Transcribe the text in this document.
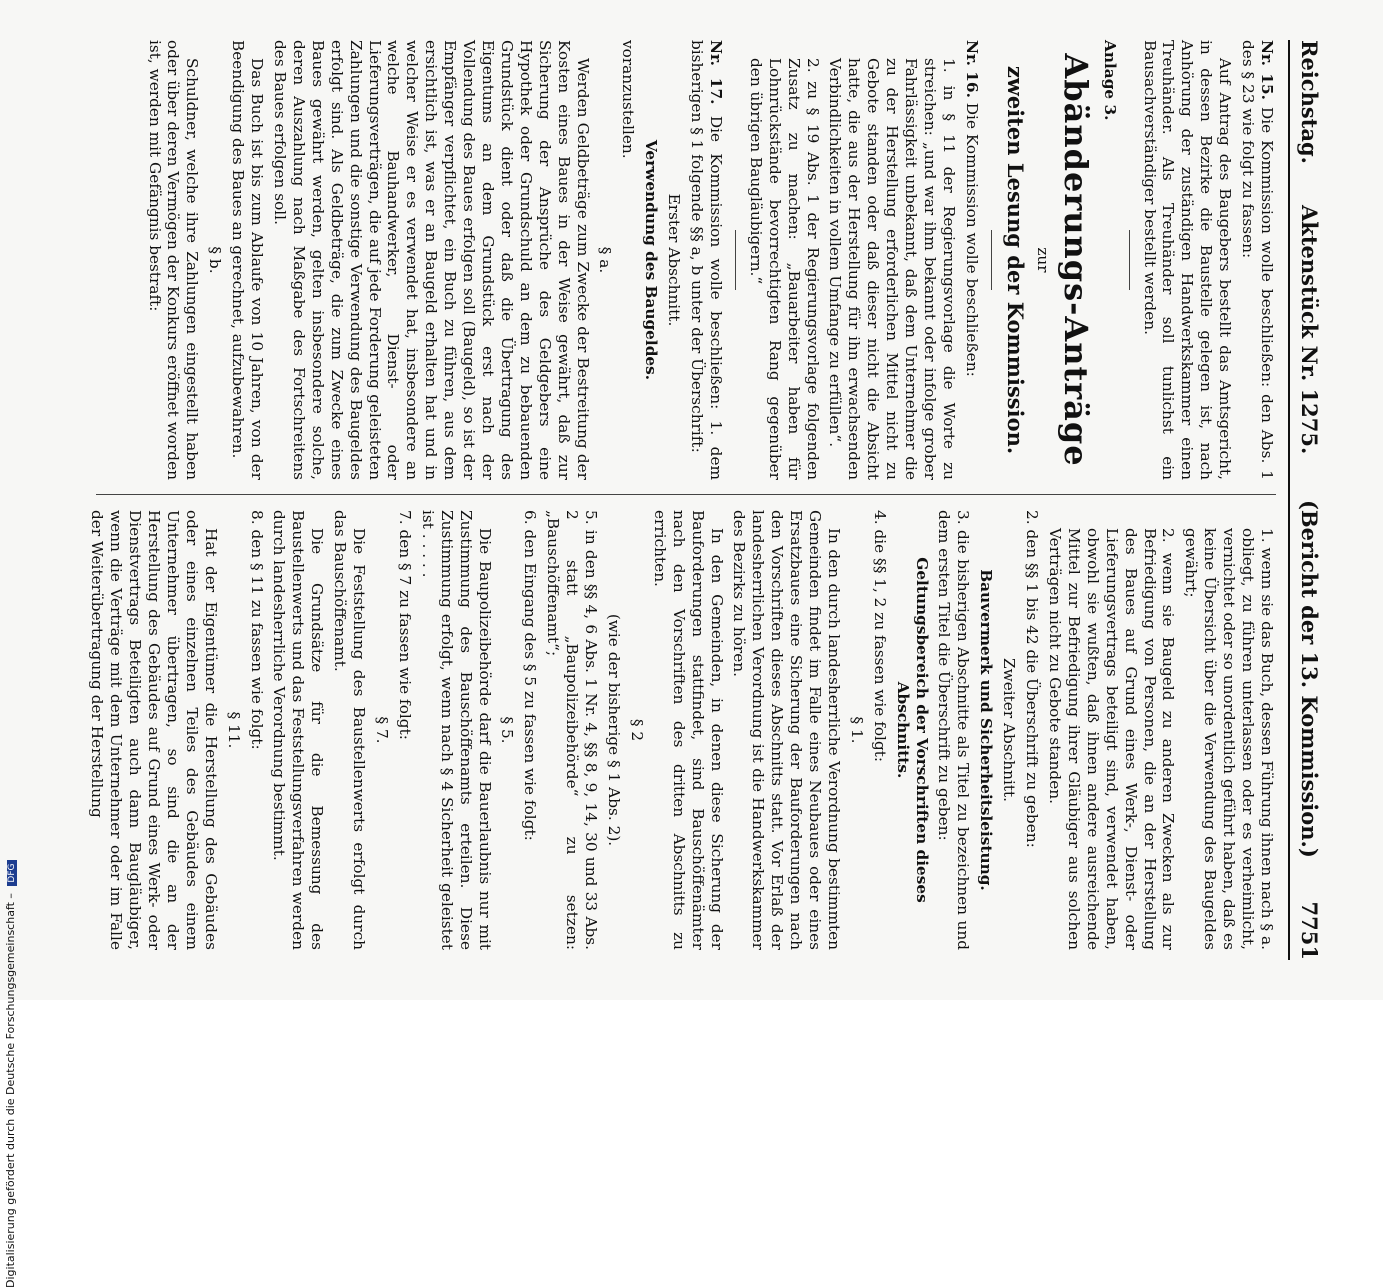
Digitalisierung gefördert durch die Deutsche Forschungsgemeinschaft – DFG
Reichstag.
Aktenstück Nr. 1275.
(Bericht der 13. Kommission.)
7751

Nr. 15. Die Kommission wolle beschließen: den Abs. 1 des § 23 wie folgt zu fassen:

Auf Antrag des Baugebers bestellt das Amtsgericht, in dessen Bezirke die Baustelle gelegen ist, nach Anhörung der zuständigen Handwerkskammer einen Treuhänder. Als Treuhänder soll tunlichst ein Bausachverständiger bestellt werden.

Anlage 3.

Abänderungs-Anträge

zur

zweiten Lesung der Kommission.

Nr. 16. Die Kommission wolle beschließen:

1. in § 11 der Regierungsvorlage die Worte zu streichen: „und war ihm bekannt oder infolge grober Fahrlässigkeit unbekannt, daß dem Unternehmer die zu der Herstellung erforderlichen Mittel nicht zu Gebote standen oder daß dieser nicht die Absicht hatte, die aus der Herstellung für ihn erwachsenden Verbindlichkeiten in vollem Umfange zu erfüllen“.

2. zu § 19 Abs. 1 der Regierungsvorlage folgenden Zusatz zu machen: „Bauarbeiter haben für Lohnrückstände bevorrechtigten Rang gegenüber den übrigen Baugläubigern.“

Nr. 17. Die Kommission wolle beschließen: 1. dem bisherigen § 1 folgende §§ a, b unter der Überschrift:

Erster Abschnitt.

Verwendung des Baugeldes.

voranzustellen.

§ a.

Werden Geldbeträge zum Zwecke der Bestreitung der Kosten eines Baues in der Weise gewährt, daß zur Sicherung der Ansprüche des Geldgebers eine Hypothek oder Grundschuld an dem zu bebauenden Grundstück dient oder daß die Übertragung des Eigentums an dem Grundstück erst nach der Vollendung des Baues erfolgen soll (Baugeld), so ist der Empfänger verpflichtet, ein Buch zu führen, aus dem ersichtlich ist, was er an Baugeld erhalten hat und in welcher Weise er es verwendet hat, insbesondere an welche Bauhandwerker, Dienst- oder Lieferungsverträgen, die auf jede Forderung geleisteten Zahlungen und die sonstige Verwendung des Baugeldes erfolgt sind. Als Geldbeträge, die zum Zwecke eines Baues gewährt werden, gelten insbesondere solche, deren Auszahlung nach Maßgabe des Fortschreitens des Baues erfolgen soll.

Das Buch ist bis zum Ablaufe von 10 Jahren, von der Beendigung des Baues an gerechnet, aufzubewahren.

§ b.

Schuldner, welche ihre Zahlungen eingestellt haben oder über deren Vermögen der Konkurs eröffnet worden ist, werden mit Gefängnis bestraft:

1. wenn sie das Buch, dessen Führung ihnen nach § a. obliegt, zu führen unterlassen oder es verheimlicht, vernichtet oder so unordentlich geführt haben, daß es keine Übersicht über die Verwendung des Baugeldes gewährt;

2. wenn sie Baugeld zu anderen Zwecken als zur Befriedigung von Personen, die an der Herstellung des Baues auf Grund eines Werk-, Dienst- oder Lieferungsvertrags beteiligt sind, verwendet haben, obwohl sie wußten, daß ihnen andere ausreichende Mittel zur Befriedigung ihrer Gläubiger aus solchen Verträgen nicht zu Gebote standen.

2. den §§ 1 bis 42 die Überschrift zu geben:

Zweiter Abschnitt.

Bauvermerk und Sicherheitsleistung.

3. die bisherigen Abschnitte als Titel zu bezeichnen und dem ersten Titel die Überschrift zu geben:

Geltungsbereich der Vorschriften dieses Abschnitts.

4. die §§ 1, 2 zu fassen wie folgt:

§ 1.

In den durch landesherrliche Verordnung bestimmten Gemeinden findet im Falle eines Neubaues oder eines Ersatzbaues eine Sicherung der Bauforderungen nach den Vorschriften dieses Abschnitts statt. Vor Erlaß der landesherrlichen Verordnung ist die Handwerkskammer des Bezirks zu hören.

In den Gemeinden, in denen diese Sicherung der Bauforderungen stattfindet, sind Bauschöffenämter nach den Vorschriften des dritten Abschnitts zu errichten.

§ 2

(wie der bisherige § 1 Abs. 2).

5. in den §§ 4, 6 Abs. 1 Nr. 4, §§ 8, 9, 14, 30 und 33 Abs. 2 statt „Baupolizeibehörde“ zu setzen: „Bauschöffenamt“;

6. den Eingang des § 5 zu fassen wie folgt:

§ 5.

Die Baupolizeibehörde darf die Bauerlaubnis nur mit Zustimmung des Bauschöffenamts erteilen. Diese Zustimmung erfolgt, wenn nach § 4 Sicherheit geleistet ist . . . . .

7. den § 7 zu fassen wie folgt:

§ 7.

Die Feststellung des Baustellenwerts erfolgt durch das Bauschöffenamt.

Die Grundsätze für die Bemessung des Baustellenwerts und das Feststellungsverfahren werden durch landesherrliche Verordnung bestimmt.

8. den § 11 zu fassen wie folgt:

§ 11.

Hat der Eigentümer die Herstellung des Gebäudes oder eines einzelnen Teiles des Gebäudes einem Unternehmer übertragen, so sind die an der Herstellung des Gebäudes auf Grund eines Werk- oder Dienstvertrags Beteiligten auch dann Baugläubiger, wenn die Verträge mit dem Unternehmer oder im Falle der Weiterübertragung der Herstellung
